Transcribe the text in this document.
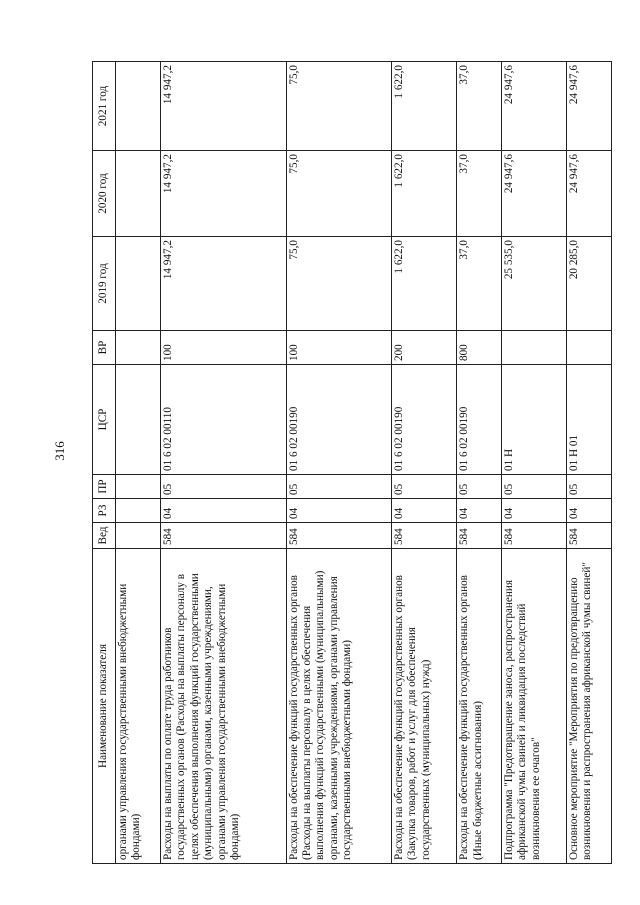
316
Наименование показателя	Вед	РЗ	ПР	ЦСР	ВР	2019 год	2020 год	2021 год
органами управления государственными внебюджетными фондами)								
Расходы на выплаты по оплате труда работников государственных органов (Расходы на выплаты персоналу в целях обеспечения выполнения функций государственными (муниципальными) органами, казенными учреждениями, органами управления государственными внебюджетными фондами)	584	04	05	01 6 02 00110	100	14 947,2	14 947,2	14 947,2
Расходы на обеспечение функций государственных органов (Расходы на выплаты персоналу в целях обеспечения выполнения функций государственными (муниципальными) органами, казенными учреждениями, органами управления государственными внебюджетными фондами)	584	04	05	01 6 02 00190	100	75,0	75,0	75,0
Расходы на обеспечение функций государственных органов (Закупка товаров, работ и услуг для обеспечения государственных (муниципальных) нужд)	584	04	05	01 6 02 00190	200	1 622,0	1 622,0	1 622,0
Расходы на обеспечение функций государственных органов (Иные бюджетные ассигнования)	584	04	05	01 6 02 00190	800	37,0	37,0	37,0
Подпрограмма "Предотвращение заноса, распространения африканской чумы свиней и ликвидация последствий возникновения ее очагов"	584	04	05	01 Н		25 535,0	24 947,6	24 947,6
Основное мероприятие "Мероприятия по предотвращению возникновения и распространения африканской чумы свиней"	584	04	05	01 Н 01		20 285,0	24 947,6	24 947,6
